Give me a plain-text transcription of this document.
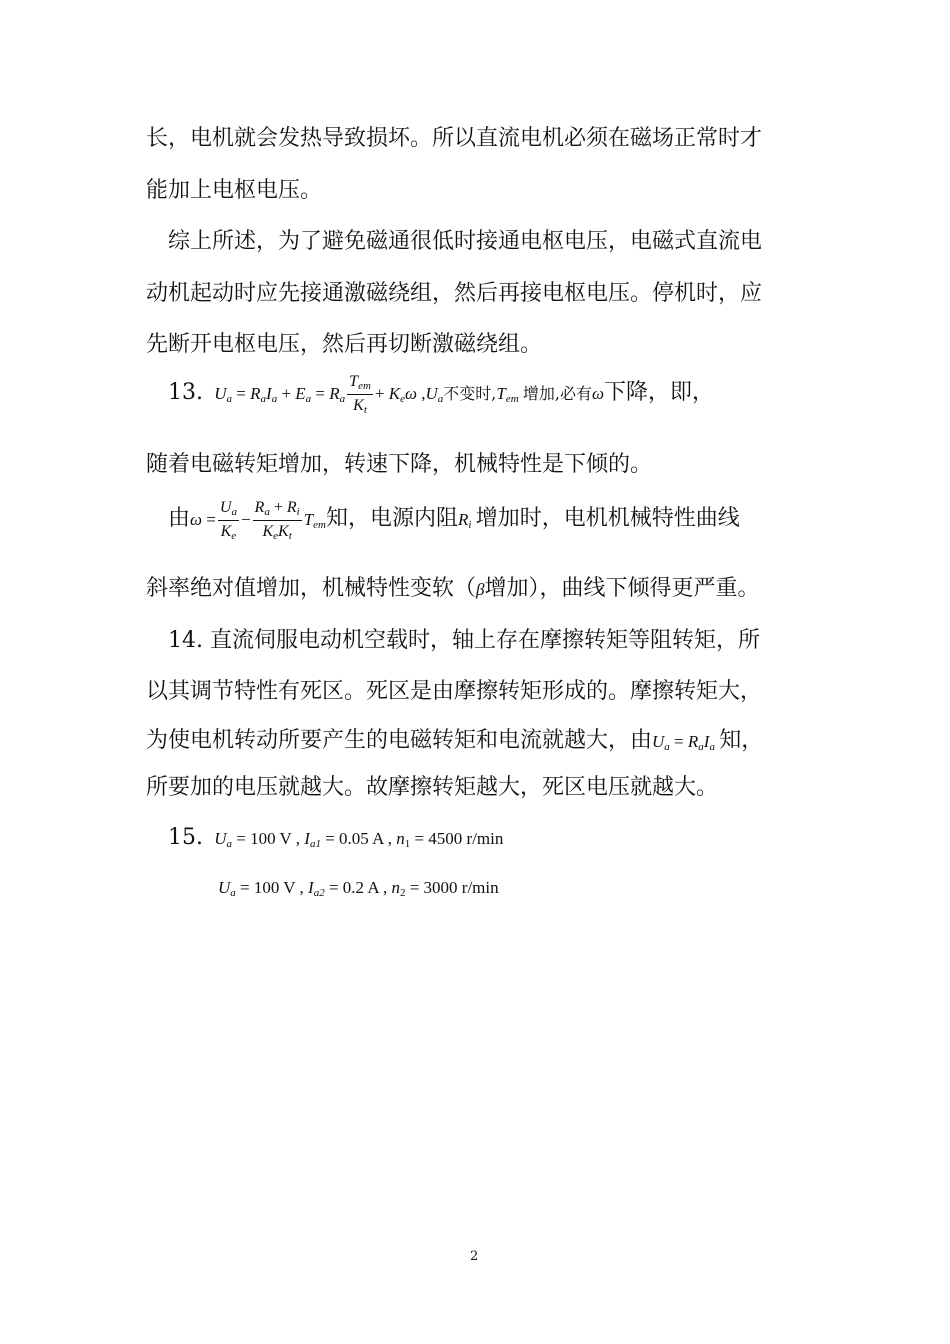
长，电机就会发热导致损坏。所以直流电机必须在磁场正常时才
能加上电枢电压。
综上所述，为了避免磁通很低时接通电枢电压，电磁式直流电
动机起动时应先接通激磁绕组，然后再接电枢电压。停机时，应
先断开电枢电压，然后再切断激磁绕组。
13.  $U_a = R_aI_a + E_a = R_a \frac{T_{em}}{K_t} + K_e\omega$ $,U_a$不变时$,T_{em}$ 增加,必有ω下降，即，
随着电磁转矩增加，转速下降，机械特性是下倾的。
由$\omega = \frac{U_a}{K_e} - \frac{R_a + R_i}{K_eK_t} T_{em}$知，电源内阻$R_i$ 增加时，电机机械特性曲线
斜率绝对值增加，机械特性变软（β增加），曲线下倾得更严重。
14. 直流伺服电动机空载时，轴上存在摩擦转矩等阻转矩，所
以其调节特性有死区。死区是由摩擦转矩形成的。摩擦转矩大，
为使电机转动所要产生的电磁转矩和电流就越大，由$U_a = R_aI_a$ 知，
所要加的电压就越大。故摩擦转矩越大，死区电压就越大。
15.  $U_a = 100$ V , $I_{a1} = 0.05$ A , $n_1 = 4500$ r/min
$U_a = 100$ V , $I_{a2} = 0.2$ A , $n_2 = 3000$ r/min
2
